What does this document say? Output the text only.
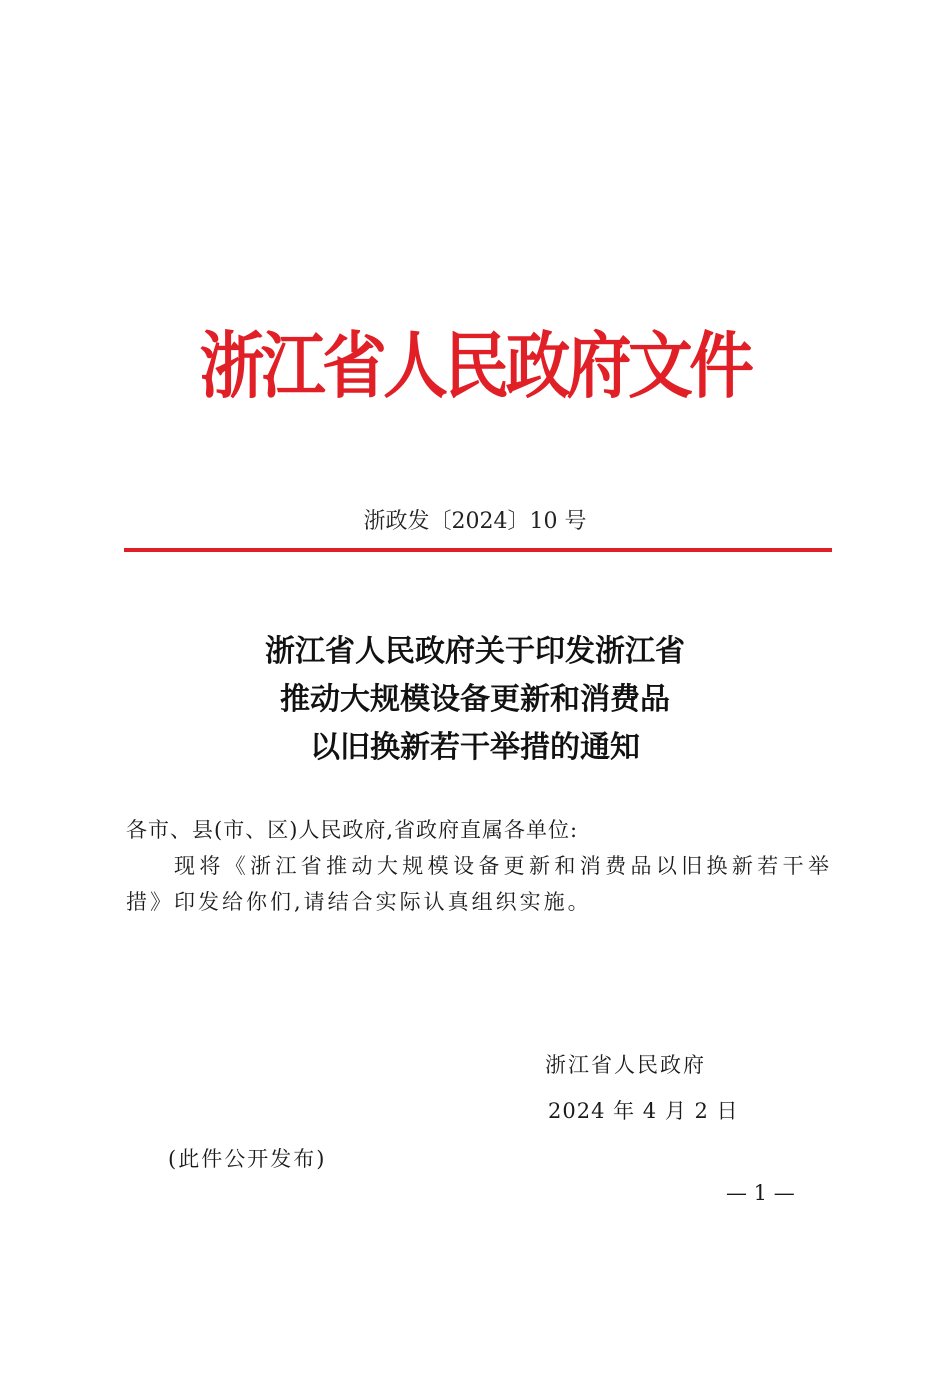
浙江省人民政府文件
浙政发〔2024〕10 号
浙江省人民政府关于印发浙江省
推动大规模设备更新和消费品
以旧换新若干举措的通知
各市、县(市、区)人民政府,省政府直属各单位:
现将《浙江省推动大规模设备更新和消费品以旧换新若干举措》印发给你们,请结合实际认真组织实施。
浙江省人民政府
2024 年 4 月 2 日
(此件公开发布)
— 1 —
